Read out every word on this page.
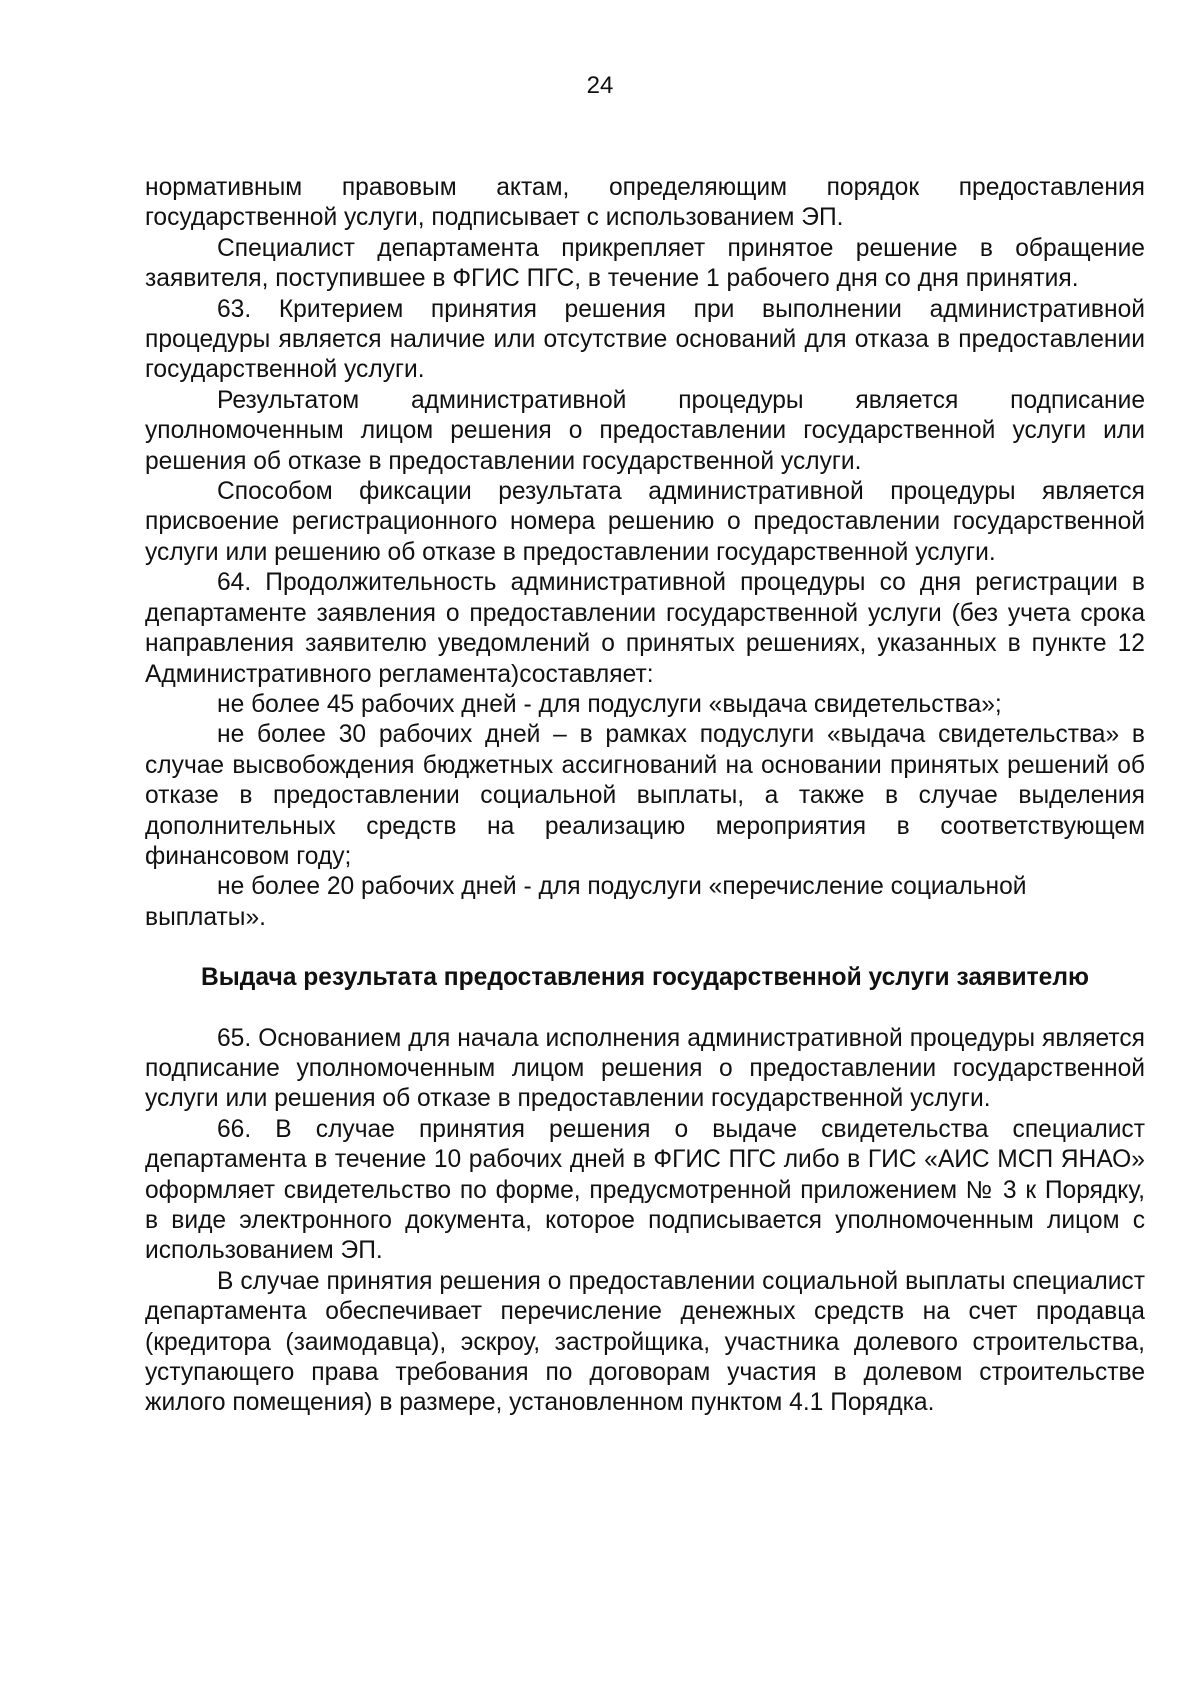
24

нормативным правовым актам, определяющим порядок предоставления государственной услуги, подписывает с использованием ЭП.

Специалист департамента прикрепляет принятое решение в обращение заявителя, поступившее в ФГИС ПГС, в течение 1 рабочего дня со дня принятия.

63. Критерием принятия решения при выполнении административной процедуры является наличие или отсутствие оснований для отказа в предоставлении государственной услуги.

Результатом административной процедуры является подписание уполномоченным лицом решения о предоставлении государственной услуги или решения об отказе в предоставлении государственной услуги.

Способом фиксации результата административной процедуры является присвоение регистрационного номера решению о предоставлении государственной услуги или решению об отказе в предоставлении государственной услуги.

64. Продолжительность административной процедуры со дня регистрации в департаменте заявления о предоставлении государственной услуги (без учета срока направления заявителю уведомлений о принятых решениях, указанных в пункте 12 Административного регламента)составляет:

не более 45 рабочих дней - для подуслуги «выдача свидетельства»;

не более 30 рабочих дней – в рамках подуслуги «выдача свидетельства» в случае высвобождения бюджетных ассигнований на основании принятых решений об отказе в предоставлении социальной выплаты, а также в случае выделения дополнительных средств на реализацию мероприятия в соответствующем финансовом году;

не более 20 рабочих дней - для подуслуги «перечисление социальной выплаты».

Выдача результата предоставления государственной услуги заявителю

65. Основанием для начала исполнения административной процедуры является подписание уполномоченным лицом решения о предоставлении государственной услуги или решения об отказе в предоставлении государственной услуги.

66. В случае принятия решения о выдаче свидетельства специалист департамента в течение 10 рабочих дней в ФГИС ПГС либо в ГИС «АИС МСП ЯНАО» оформляет свидетельство по форме, предусмотренной приложением № 3 к Порядку, в виде электронного документа, которое подписывается уполномоченным лицом с использованием ЭП.

В случае принятия решения о предоставлении социальной выплаты специалист департамента обеспечивает перечисление денежных средств на счет продавца (кредитора (заимодавца), эскроу, застройщика, участника долевого строительства, уступающего права требования по договорам участия в долевом строительстве жилого помещения) в размере, установленном пунктом 4.1 Порядка.
